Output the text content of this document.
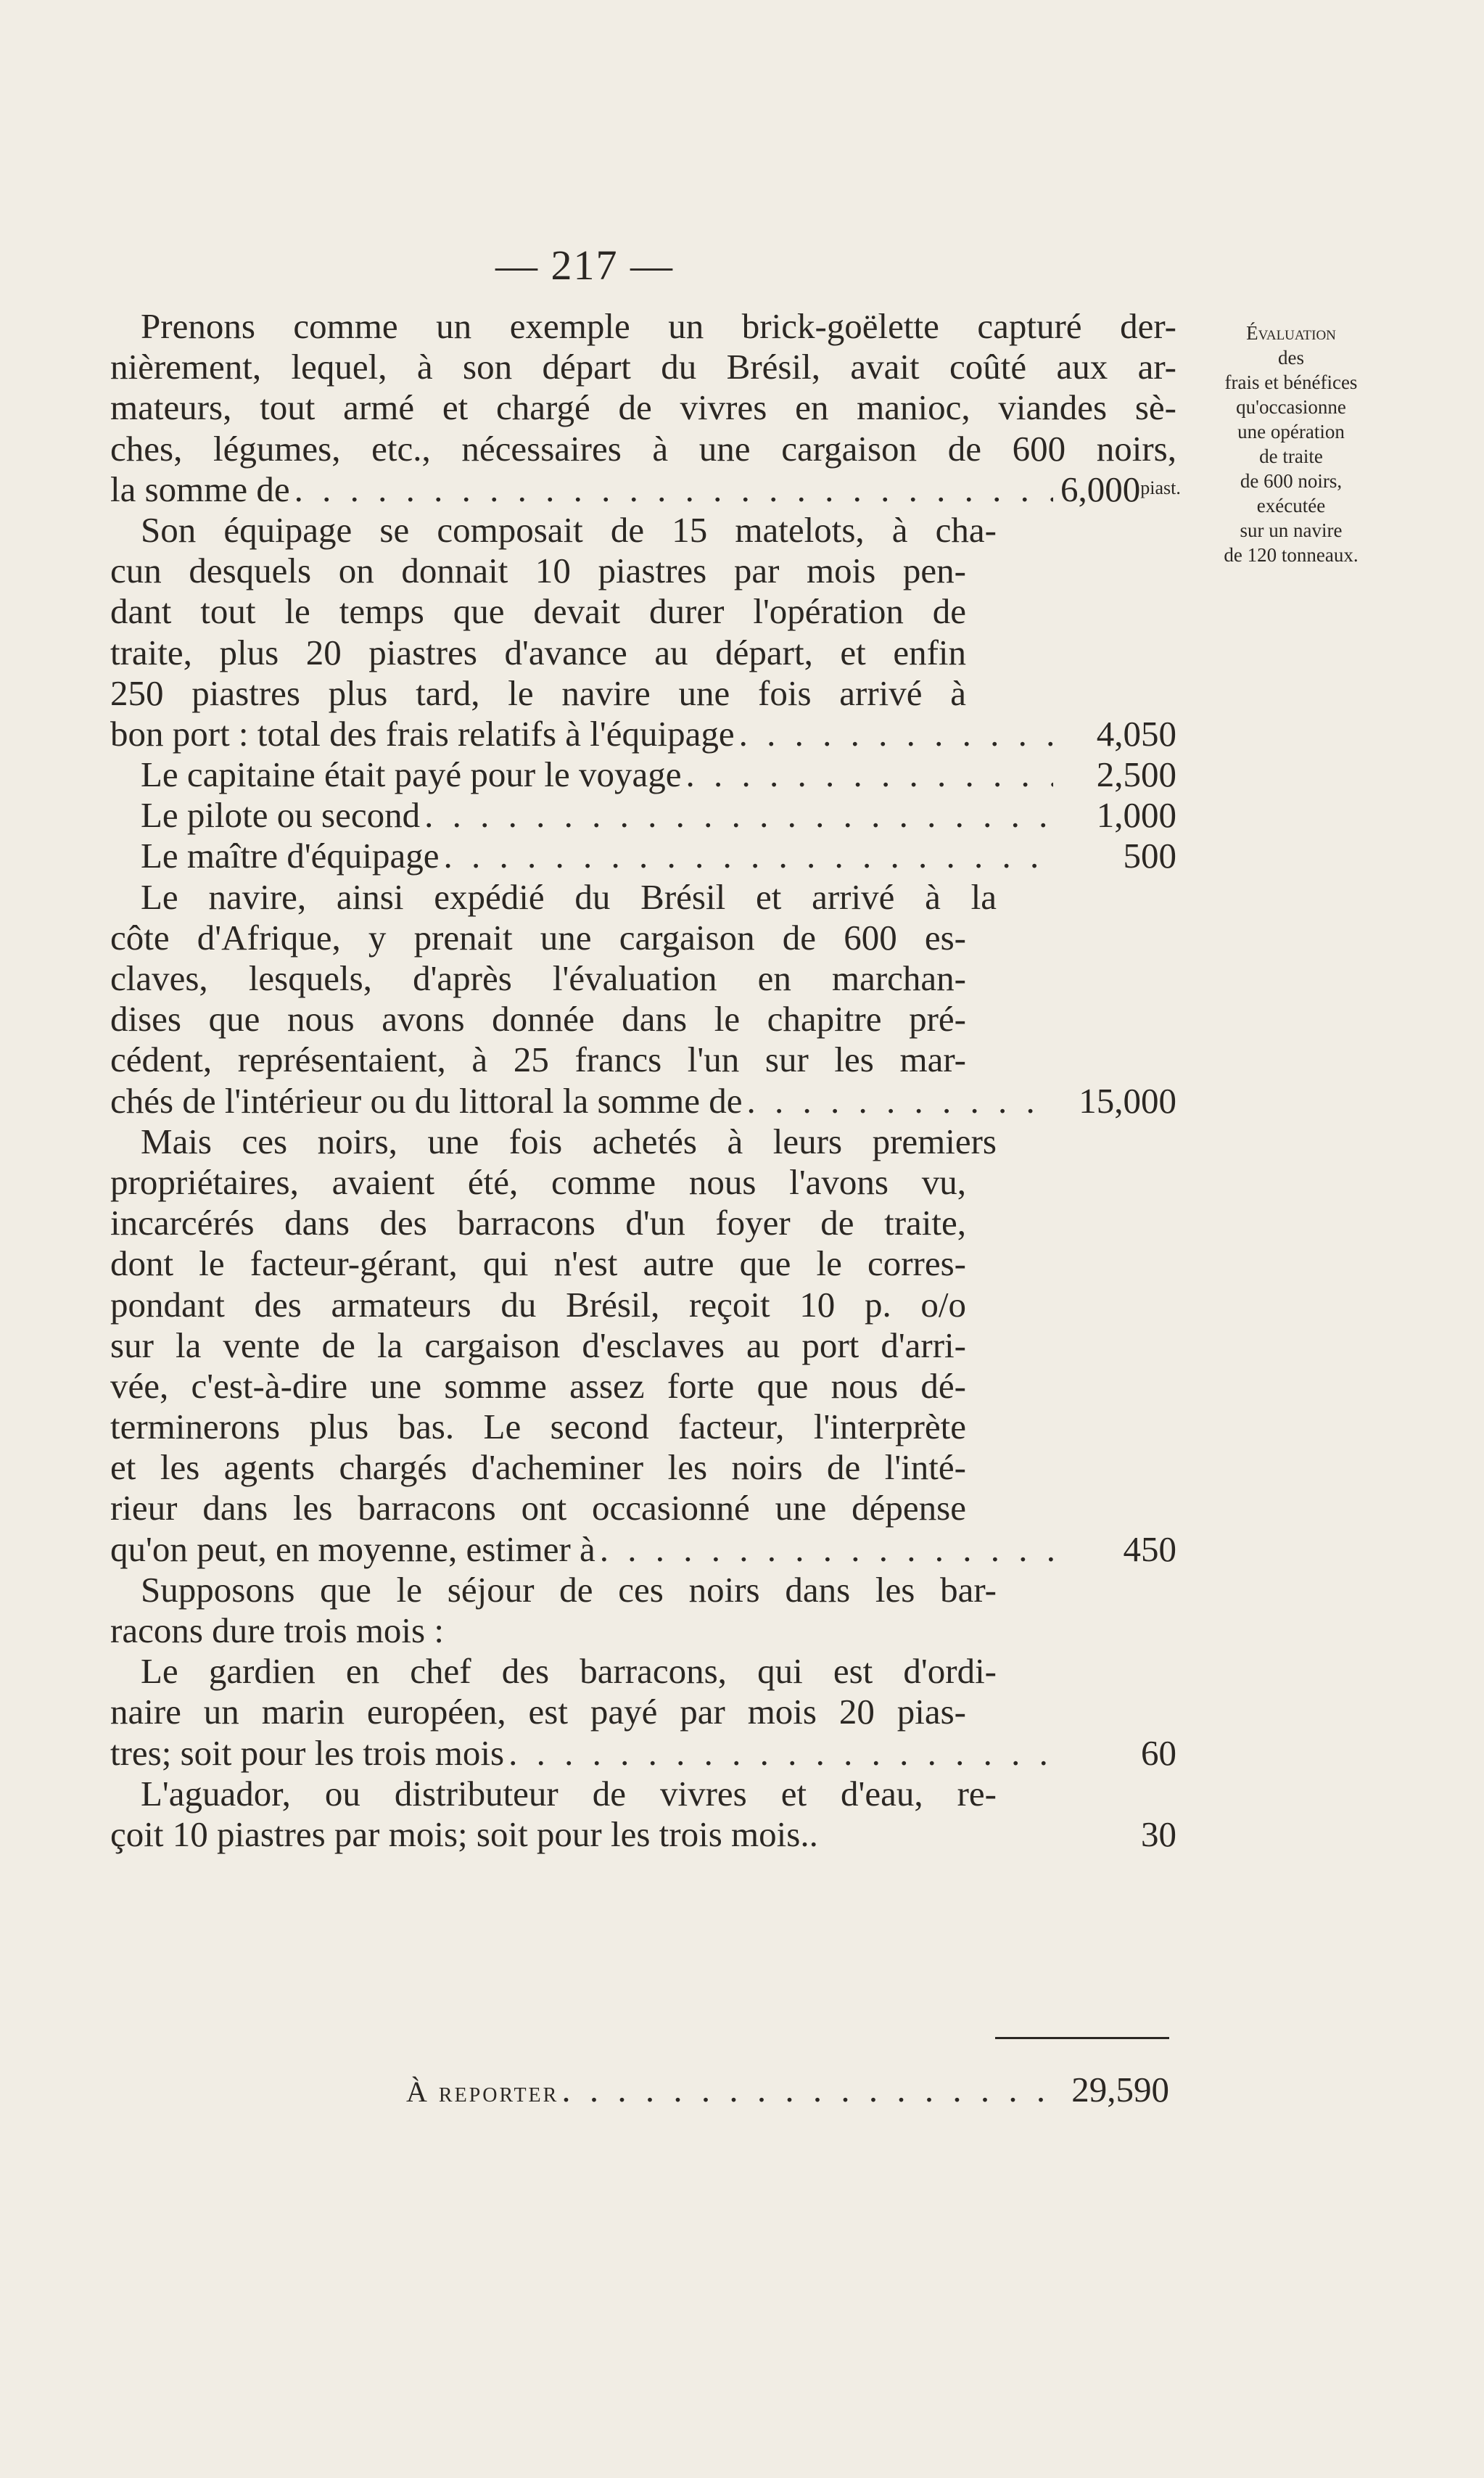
— 217 —
Évaluation
des
frais et bénéfices
qu'occasionne
une opération
de traite
de 600 noirs,
exécutée
sur un navire
de 120 tonneaux.
Prenons comme un exemple un brick-goëlette capturé der-
nièrement, lequel, à son départ du Brésil, avait coûté aux ar-
mateurs, tout armé et chargé de vivres en manioc, viandes sè-
ches, légumes, etc., nécessaires à une cargaison de 600 noirs,
la somme de . . .	$6,000^{piast.}$
Son équipage se composait de 15 matelots, à cha-
cun desquels on donnait 10 piastres par mois pen-
dant tout le temps que devait durer l'opération de
traite, plus 20 piastres d'avance au départ, et enfin
250 piastres plus tard, le navire une fois arrivé à
bon port : total des frais relatifs à l'équipage . . .	4,050
Le capitaine était payé pour le voyage . . .	2,500
Le pilote ou second . . .	1,000
Le maître d'équipage . . .	500
Le navire, ainsi expédié du Brésil et arrivé à la
côte d'Afrique, y prenait une cargaison de 600 es-
claves, lesquels, d'après l'évaluation en marchan-
dises que nous avons donnée dans le chapitre pré-
cédent, représentaient, à 25 francs l'un sur les mar-
chés de l'intérieur ou du littoral la somme de . . .	15,000
Mais ces noirs, une fois achetés à leurs premiers
propriétaires, avaient été, comme nous l'avons vu,
incarcérés dans des barracons d'un foyer de traite,
dont le facteur-gérant, qui n'est autre que le corres-
pondant des armateurs du Brésil, reçoit 10 p. o/o
sur la vente de la cargaison d'esclaves au port d'arri-
vée, c'est-à-dire une somme assez forte que nous dé-
terminerons plus bas. Le second facteur, l'interprète
et les agents chargés d'acheminer les noirs de l'inté-
rieur dans les barracons ont occasionné une dépense
qu'on peut, en moyenne, estimer à . . .	450
Supposons que le séjour de ces noirs dans les bar-
racons dure trois mois :
Le gardien en chef des barracons, qui est d'ordi-
naire un marin européen, est payé par mois 20 pias-
tres; soit pour les trois mois . . .	60
L'aguador, ou distributeur de vivres et d'eau, re-
çoit 10 piastres par mois; soit pour les trois mois..	30
À reporter . . .	29,590
